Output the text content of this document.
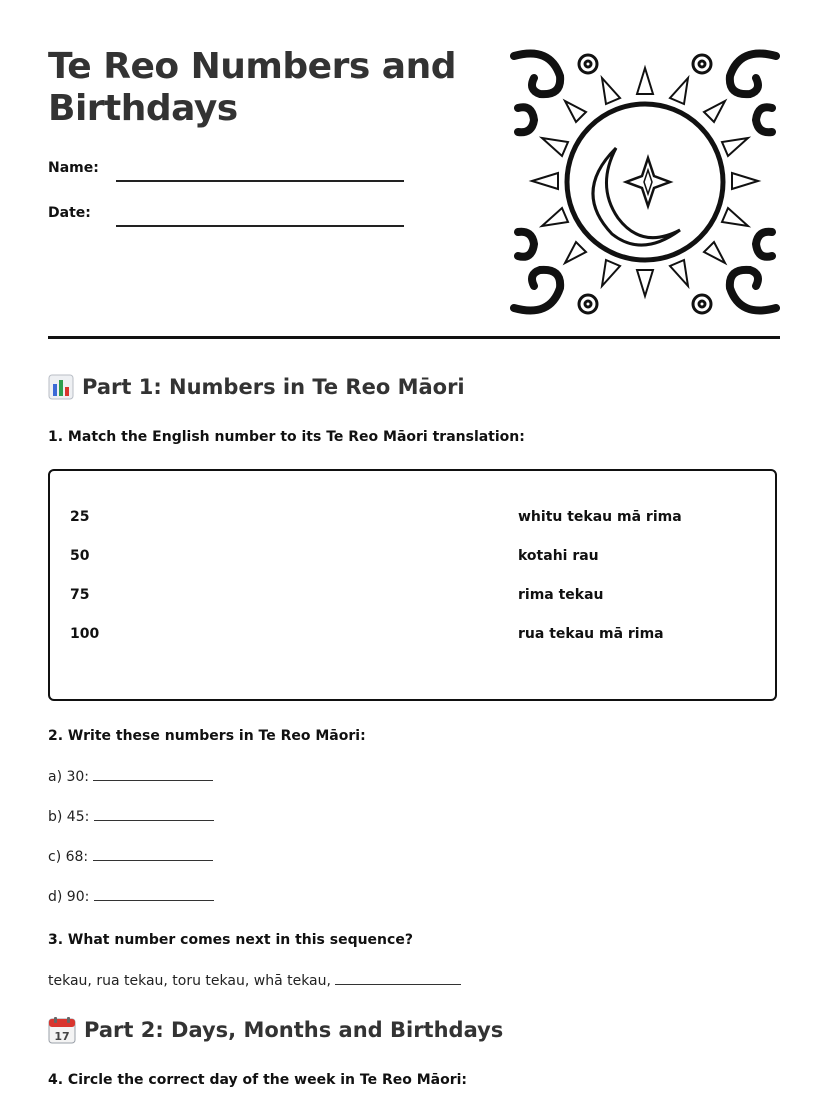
Te Reo Numbers and Birthdays
Name:
Date:
Part 1: Numbers in Te Reo Māori
1. Match the English number to its Te Reo Māori translation:
25
50
75
100
whitu tekau mā rima
kotahi rau
rima tekau
rua tekau mā rima
2. Write these numbers in Te Reo Māori:
a) 30:
b) 45:
c) 68:
d) 90:
3. What number comes next in this sequence?
tekau, rua tekau, toru tekau, whā tekau,
17 Part 2: Days, Months and Birthdays
4. Circle the correct day of the week in Te Reo Māori:
